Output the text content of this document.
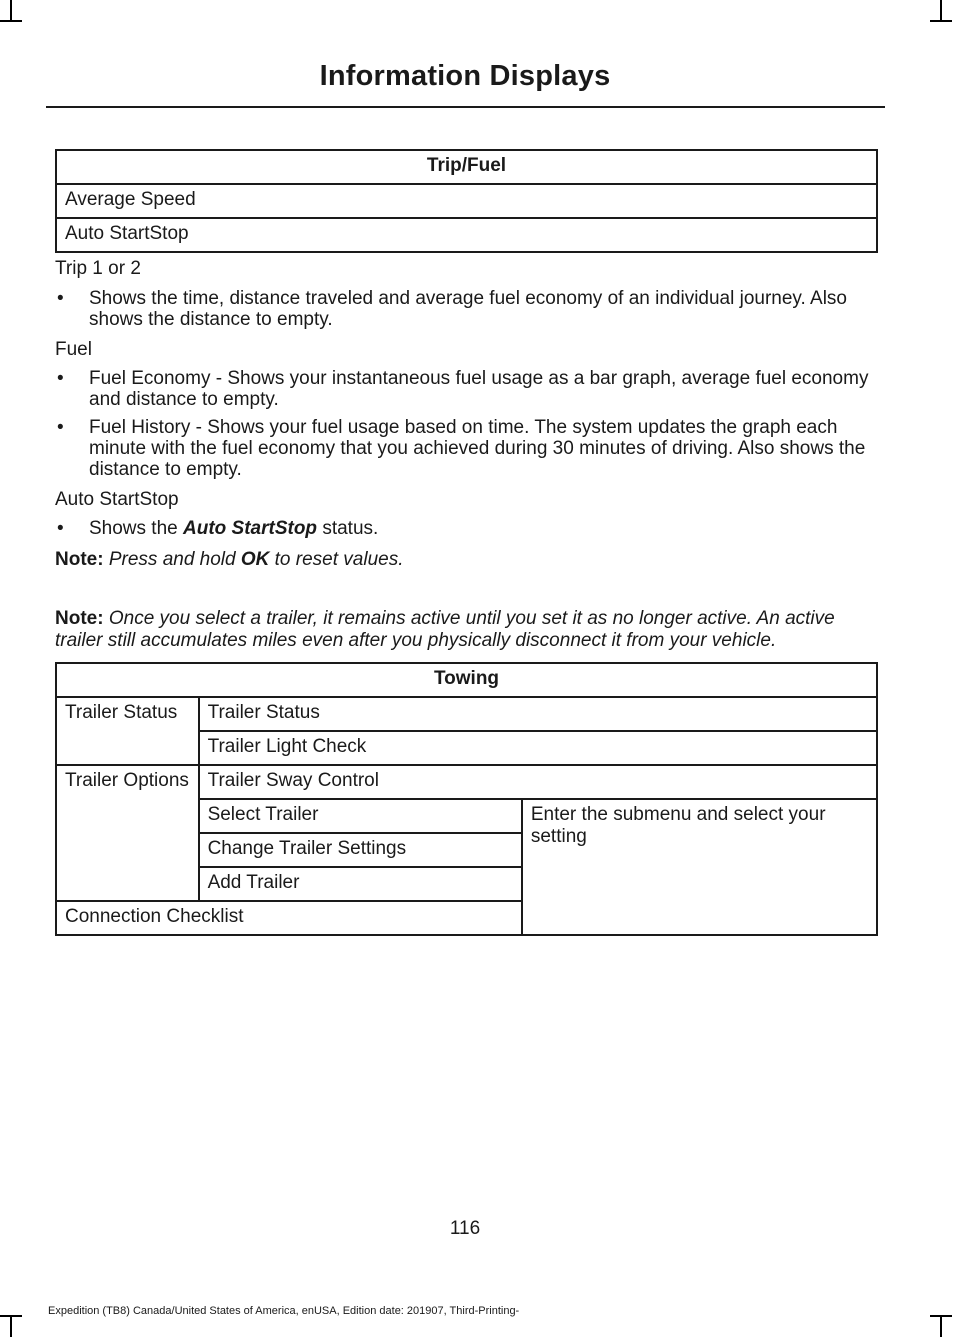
Information Displays
Trip/Fuel
Average Speed
Auto StartStop
Trip 1 or 2
• Shows the time, distance traveled and average fuel economy of an individual journey. Also shows the distance to empty.
Fuel
• Fuel Economy - Shows your instantaneous fuel usage as a bar graph, average fuel economy and distance to empty.
• Fuel History - Shows your fuel usage based on time. The system updates the graph each minute with the fuel economy that you achieved during 30 minutes of driving. Also shows the distance to empty.
Auto StartStop
• Shows the Auto StartStop status.
Note: Press and hold OK to reset values.
Note: Once you select a trailer, it remains active until you set it as no longer active. An active trailer still accumulates miles even after you physically disconnect it from your vehicle.
Towing		
Trailer Status	Trailer Status	
	Trailer Light Check	
Trailer Options	Trailer Sway Control	
	Select Trailer	Enter the submenu and select your setting
	Change Trailer Settings	
	Add Trailer	
Connection Checklist		
116
Expedition (TB8) Canada/United States of America, enUSA, Edition date: 201907, Third-Printing-
